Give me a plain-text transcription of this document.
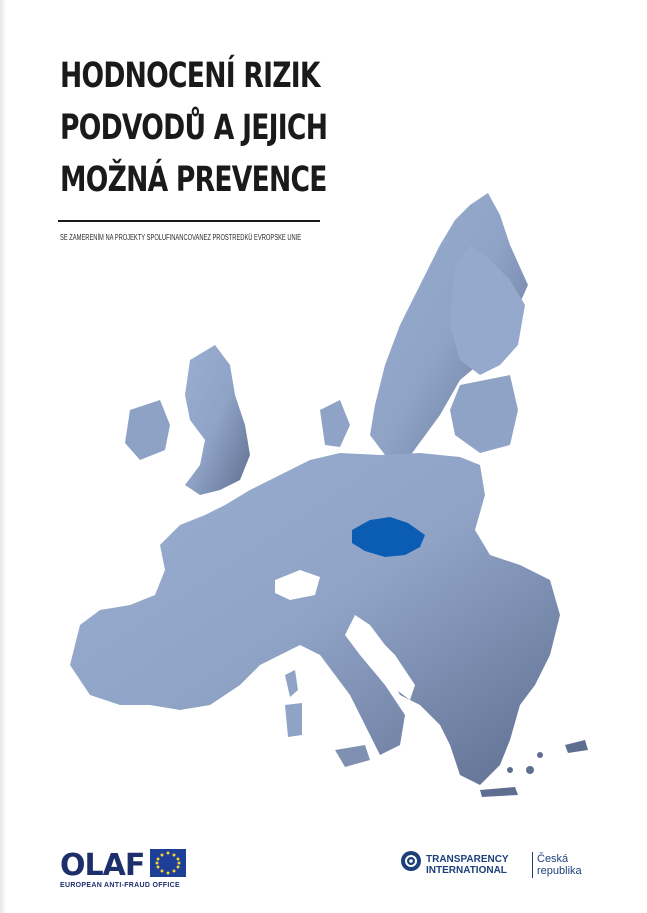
HODNOCENÍ RIZIK
PODVODŮ A JEJICH
MOŽNÁ PREVENCE
SE ZAMERENÍM NA PROJEKTY SPOLUFINANCOVANEZ PROSTREDKÜ EVROPSKE UNIE
OLAF
EUROPEAN ANTI-FRAUD OFFICE
TRANSPARENCY
INTERNATIONAL
Česká
republika
